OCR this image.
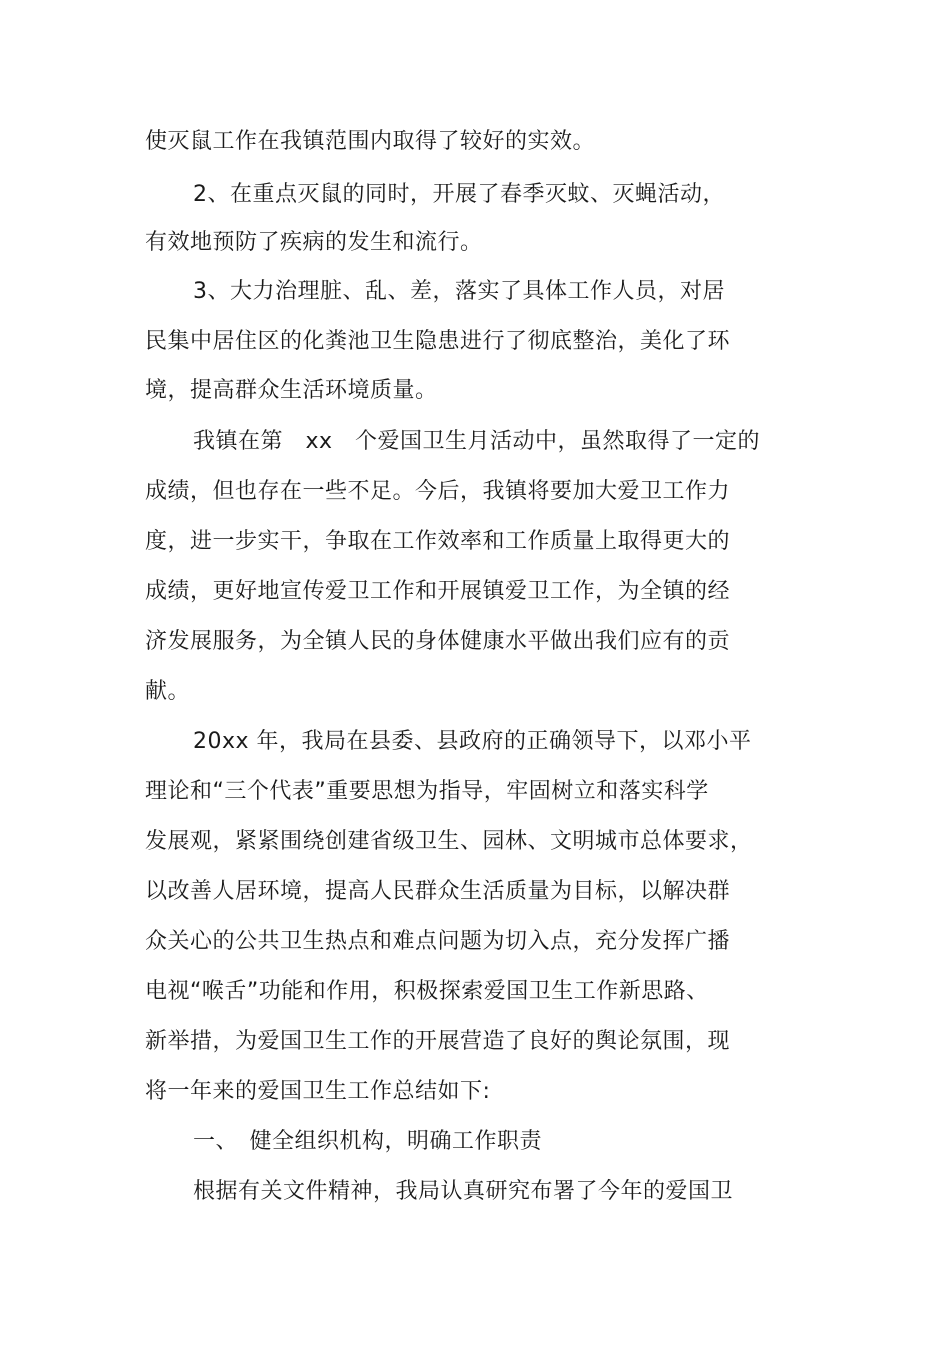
使灭鼠工作在我镇范围内取得了较好的实效。
2、在重点灭鼠的同时，开展了春季灭蚊、灭蝇活动，
有效地预防了疾病的发生和流行。
3、大力治理脏、乱、差，落实了具体工作人员，对居
民集中居住区的化粪池卫生隐患进行了彻底整治，美化了环
境，提高群众生活环境质量。
我镇在第　xx　个爱国卫生月活动中，虽然取得了一定的
成绩，但也存在一些不足。今后，我镇将要加大爱卫工作力
度，进一步实干，争取在工作效率和工作质量上取得更大的
成绩，更好地宣传爱卫工作和开展镇爱卫工作，为全镇的经
济发展服务，为全镇人民的身体健康水平做出我们应有的贡
献。
20xx 年，我局在县委、县政府的正确领导下，以邓小平
理论和“三个代表”重要思想为指导，牢固树立和落实科学
发展观，紧紧围绕创建省级卫生、园林、文明城市总体要求，
以改善人居环境，提高人民群众生活质量为目标，以解决群
众关心的公共卫生热点和难点问题为切入点，充分发挥广播
电视“喉舌”功能和作用，积极探索爱国卫生工作新思路、
新举措，为爱国卫生工作的开展营造了良好的舆论氛围，现
将一年来的爱国卫生工作总结如下:
一、　健全组织机构，明确工作职责
根据有关文件精神，我局认真研究布署了今年的爱国卫
